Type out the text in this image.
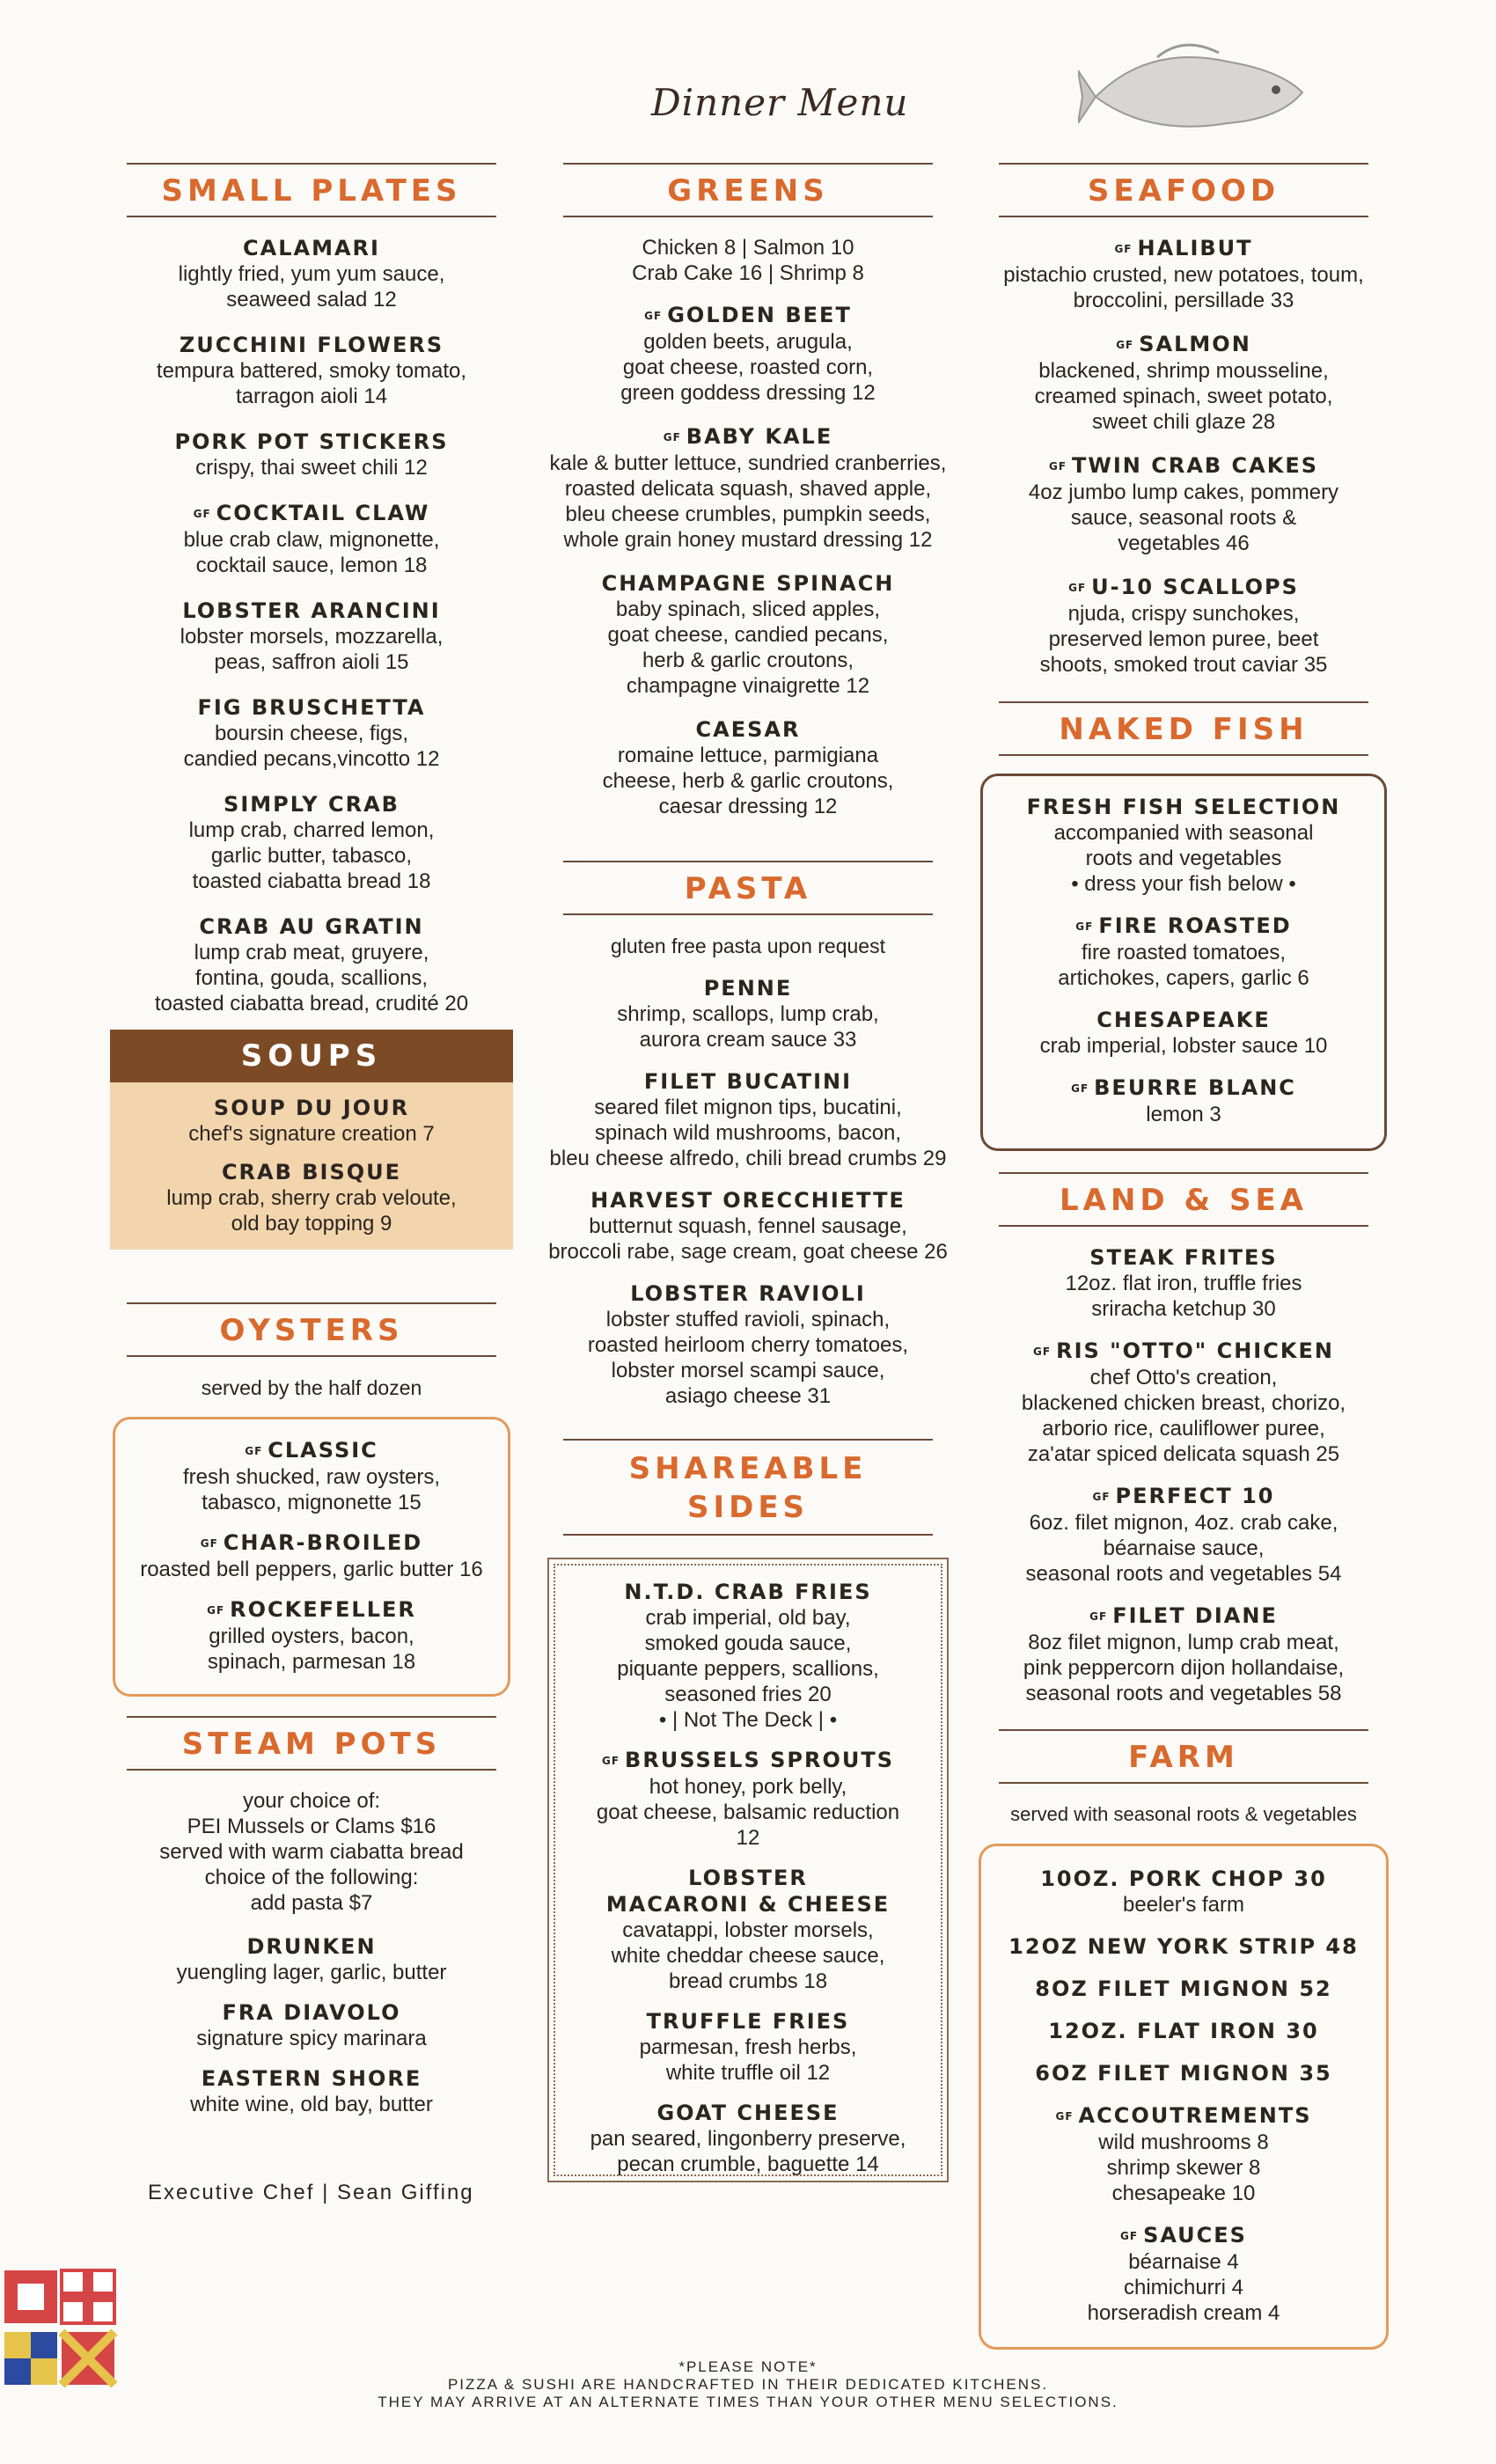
Dinner Menu
SMALL PLATES
CALAMARI
lightly fried, yum yum sauce,
seaweed salad 12
ZUCCHINI FLOWERS
tempura battered, smoky tomato,
tarragon aioli 14
PORK POT STICKERS
crispy, thai sweet chili 12
GF COCKTAIL CLAW
blue crab claw, mignonette,
cocktail sauce, lemon 18
LOBSTER ARANCINI
lobster morsels, mozzarella,
peas, saffron aioli 15
FIG BRUSCHETTA
boursin cheese, figs,
candied pecans,vincotto 12
SIMPLY CRAB
lump crab, charred lemon,
garlic butter, tabasco,
toasted ciabatta bread 18
CRAB AU GRATIN
lump crab meat, gruyere,
fontina, gouda, scallions,
toasted ciabatta bread, crudité 20
SOUPS
SOUP DU JOUR
chef's signature creation 7
CRAB BISQUE
lump crab, sherry crab veloute,
old bay topping 9
OYSTERS
served by the half dozen
GF CLASSIC
fresh shucked, raw oysters,
tabasco, mignonette 15
GF CHAR-BROILED
roasted bell peppers, garlic butter 16
GF ROCKEFELLER
grilled oysters, bacon,
spinach, parmesan 18
STEAM POTS
your choice of:
PEI Mussels or Clams $16
served with warm ciabatta bread
choice of the following:
add pasta $7
DRUNKEN
yuengling lager, garlic, butter
FRA DIAVOLO
signature spicy marinara
EASTERN SHORE
white wine, old bay, butter
Executive Chef | Sean Giffing
GREENS
Chicken 8 | Salmon 10
Crab Cake 16 | Shrimp 8
GF GOLDEN BEET
golden beets, arugula,
goat cheese, roasted corn,
green goddess dressing 12
GF BABY KALE
kale & butter lettuce, sundried cranberries,
roasted delicata squash, shaved apple,
bleu cheese crumbles, pumpkin seeds,
whole grain honey mustard dressing 12
CHAMPAGNE SPINACH
baby spinach, sliced apples,
goat cheese, candied pecans,
herb & garlic croutons,
champagne vinaigrette 12
CAESAR
romaine lettuce, parmigiana
cheese, herb & garlic croutons,
caesar dressing 12
PASTA
gluten free pasta upon request
PENNE
shrimp, scallops, lump crab,
aurora cream sauce 33
FILET BUCATINI
seared filet mignon tips, bucatini,
spinach wild mushrooms, bacon,
bleu cheese alfredo, chili bread crumbs 29
HARVEST ORECCHIETTE
butternut squash, fennel sausage,
broccoli rabe, sage cream, goat cheese 26
LOBSTER RAVIOLI
lobster stuffed ravioli, spinach,
roasted heirloom cherry tomatoes,
lobster morsel scampi sauce,
asiago cheese 31
SHAREABLE
SIDES
N.T.D. CRAB FRIES
crab imperial, old bay,
smoked gouda sauce,
piquante peppers, scallions,
seasoned fries 20
• | Not The Deck | •
GF BRUSSELS SPROUTS
hot honey, pork belly,
goat cheese, balsamic reduction
12
LOBSTER
MACARONI & CHEESE
cavatappi, lobster morsels,
white cheddar cheese sauce,
bread crumbs 18
TRUFFLE FRIES
parmesan, fresh herbs,
white truffle oil 12
GOAT CHEESE
pan seared, lingonberry preserve,
pecan crumble, baguette 14
SEAFOOD
GF HALIBUT
pistachio crusted, new potatoes, toum,
broccolini, persillade 33
GF SALMON
blackened, shrimp mousseline,
creamed spinach, sweet potato,
sweet chili glaze 28
GF TWIN CRAB CAKES
4oz jumbo lump cakes, pommery
sauce, seasonal roots &
vegetables 46
GF U-10 SCALLOPS
njuda, crispy sunchokes,
preserved lemon puree, beet
shoots, smoked trout caviar 35
NAKED FISH
FRESH FISH SELECTION
accompanied with seasonal
roots and vegetables
• dress your fish below •
GF FIRE ROASTED
fire roasted tomatoes,
artichokes, capers, garlic 6
CHESAPEAKE
crab imperial, lobster sauce 10
GF BEURRE BLANC
lemon 3
LAND & SEA
STEAK FRITES
12oz. flat iron, truffle fries
sriracha ketchup 30
GF RIS "OTTO" CHICKEN
chef Otto's creation,
blackened chicken breast, chorizo,
arborio rice, cauliflower puree,
za'atar spiced delicata squash 25
GF PERFECT 10
6oz. filet mignon, 4oz. crab cake,
béarnaise sauce,
seasonal roots and vegetables 54
GF FILET DIANE
8oz filet mignon, lump crab meat,
pink peppercorn dijon hollandaise,
seasonal roots and vegetables 58
FARM
served with seasonal roots & vegetables
10OZ. PORK CHOP 30
beeler's farm
12OZ NEW YORK STRIP 48
8OZ FILET MIGNON 52
12OZ. FLAT IRON 30
6OZ FILET MIGNON 35
GF ACCOUTREMENTS
wild mushrooms 8
shrimp skewer 8
chesapeake 10
GF SAUCES
béarnaise 4
chimichurri 4
horseradish cream 4
*PLEASE NOTE*
PIZZA & SUSHI ARE HANDCRAFTED IN THEIR DEDICATED KITCHENS.
THEY MAY ARRIVE AT AN ALTERNATE TIMES THAN YOUR OTHER MENU SELECTIONS.
